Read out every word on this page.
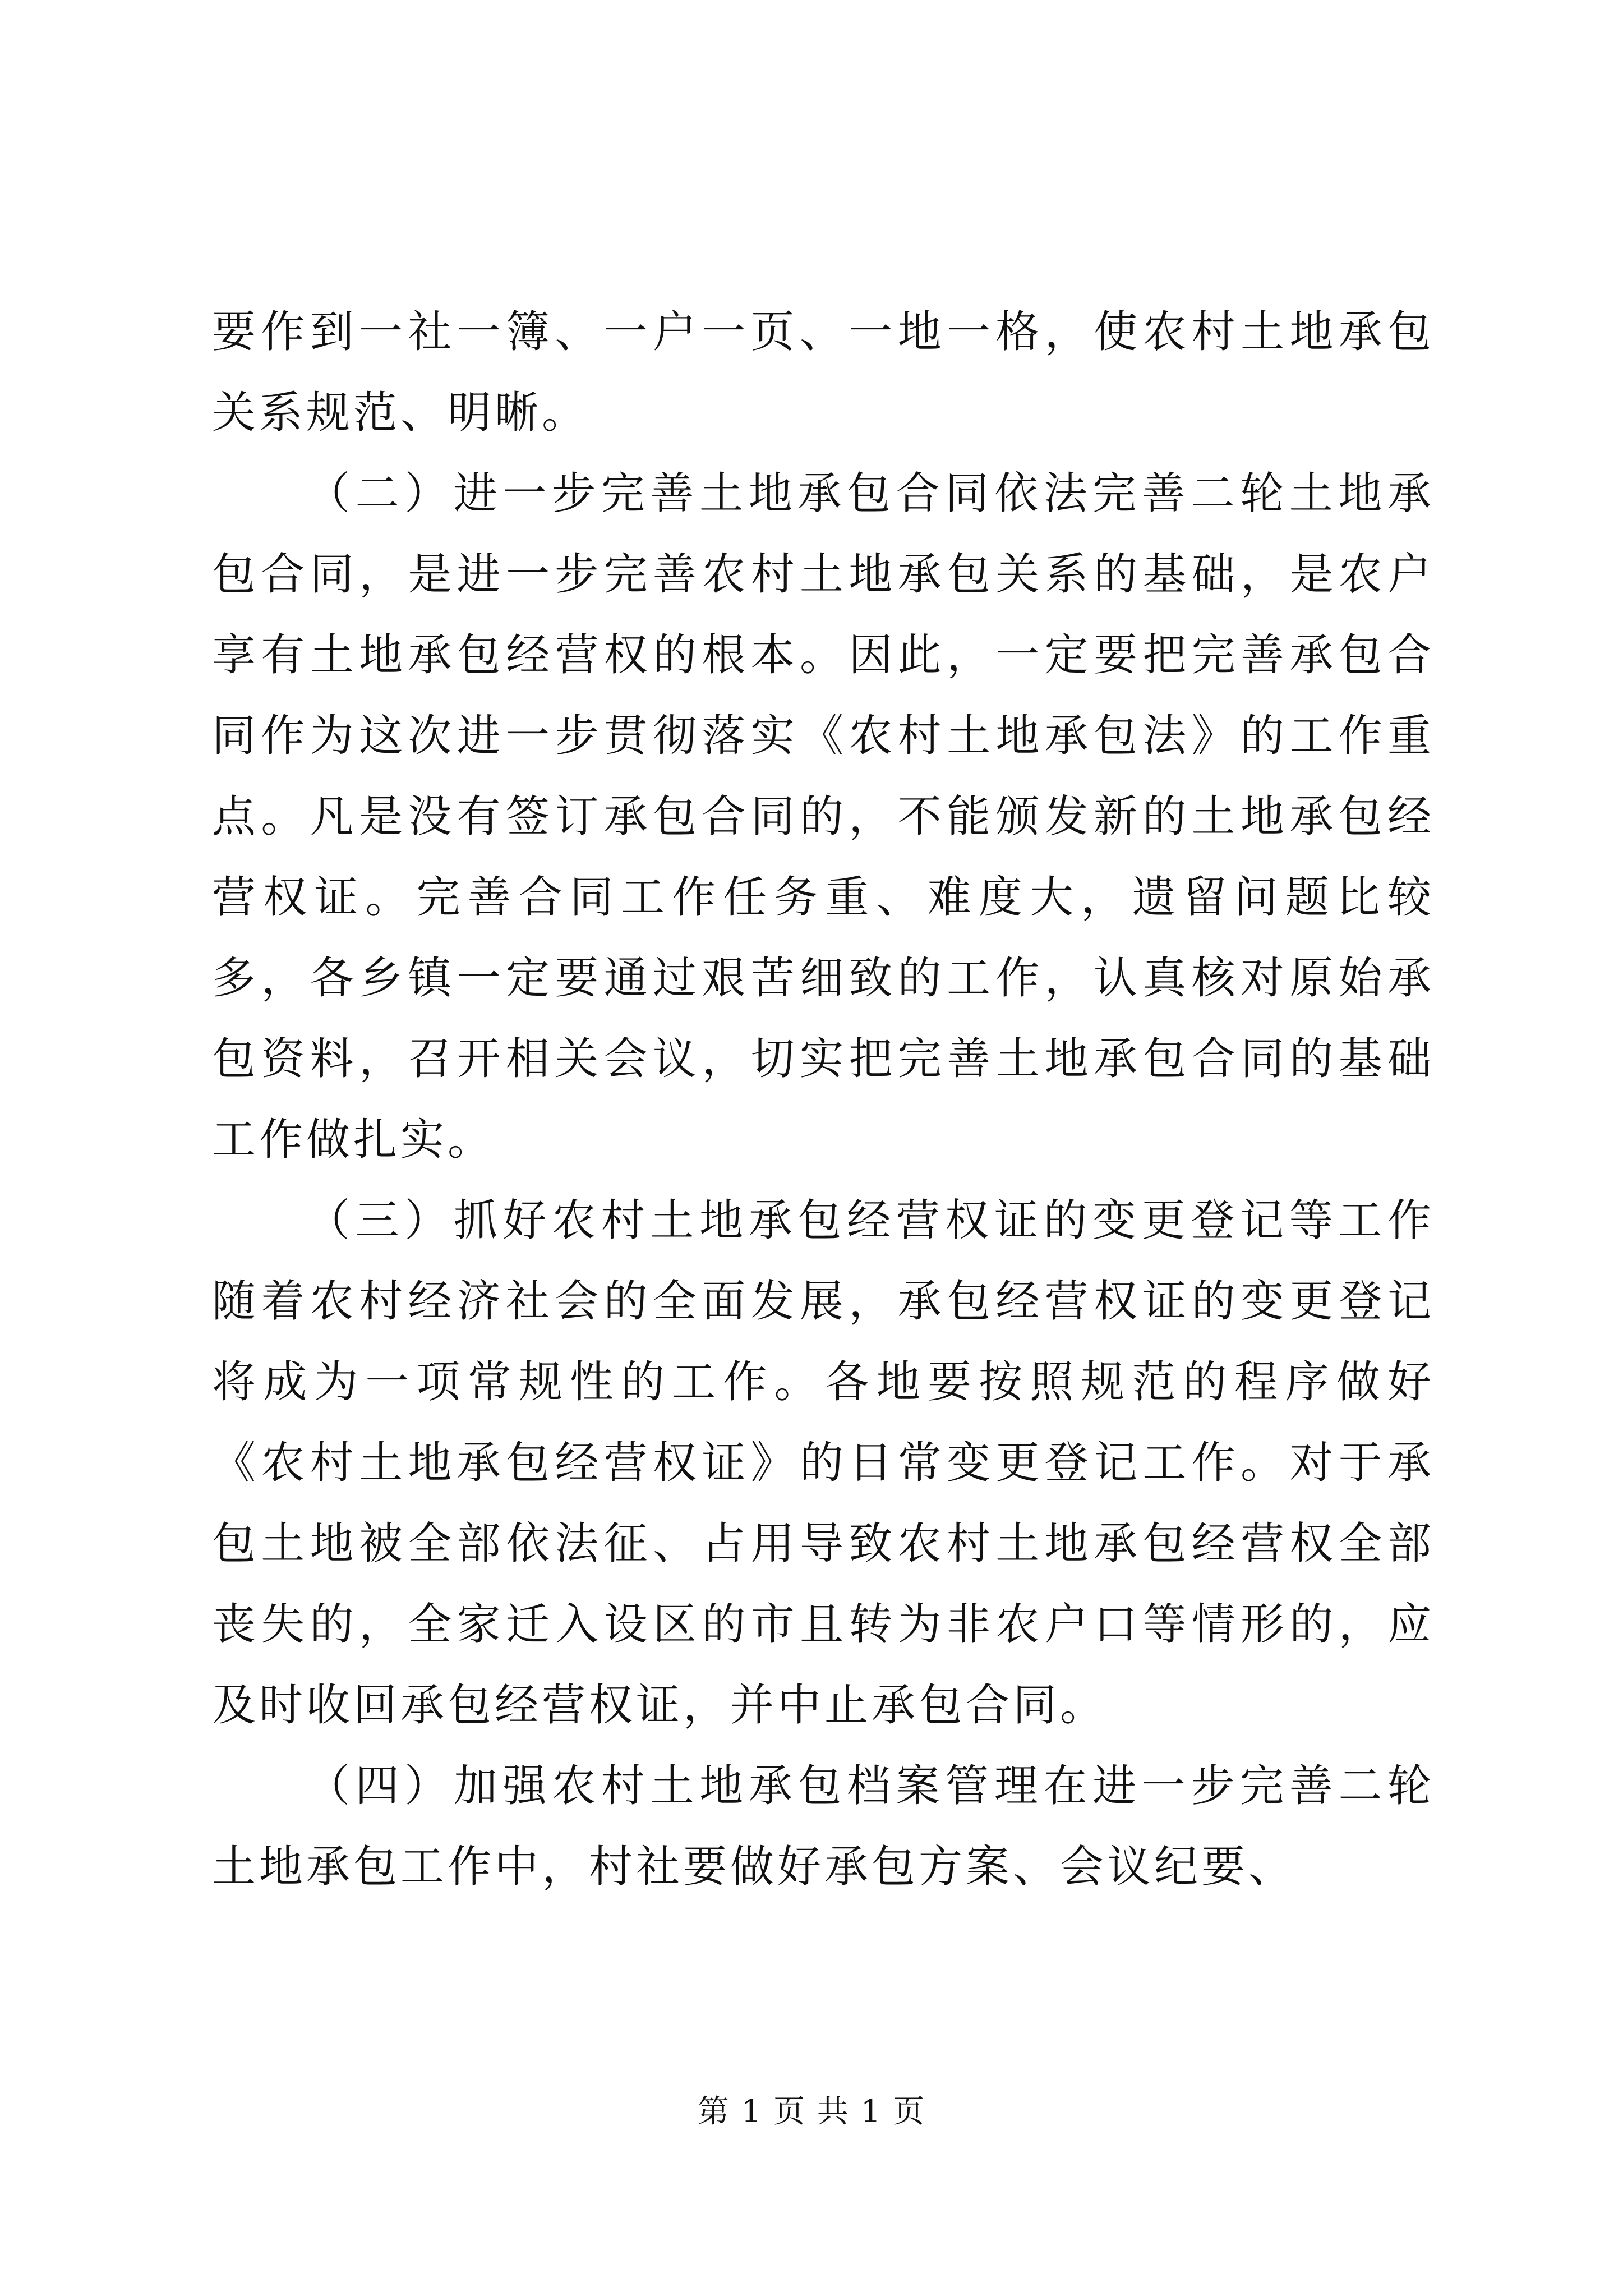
要作到一社一簿、一户一页、一地一格，使农村土地承包关系规范、明晰。

（二）进一步完善土地承包合同依法完善二轮土地承包合同，是进一步完善农村土地承包关系的基础，是农户享有土地承包经营权的根本。因此，一定要把完善承包合同作为这次进一步贯彻落实《农村土地承包法》的工作重点。凡是没有签订承包合同的，不能颁发新的土地承包经营权证。完善合同工作任务重、难度大，遗留问题比较多，各乡镇一定要通过艰苦细致的工作，认真核对原始承包资料，召开相关会议，切实把完善土地承包合同的基础工作做扎实。

（三）抓好农村土地承包经营权证的变更登记等工作随着农村经济社会的全面发展，承包经营权证的变更登记将成为一项常规性的工作。各地要按照规范的程序做好《农村土地承包经营权证》的日常变更登记工作。对于承包土地被全部依法征、占用导致农村土地承包经营权全部丧失的，全家迁入设区的市且转为非农户口等情形的，应及时收回承包经营权证，并中止承包合同。

（四）加强农村土地承包档案管理在进一步完善二轮土地承包工作中，村社要做好承包方案、会议纪要、

第 1 页 共 1 页
